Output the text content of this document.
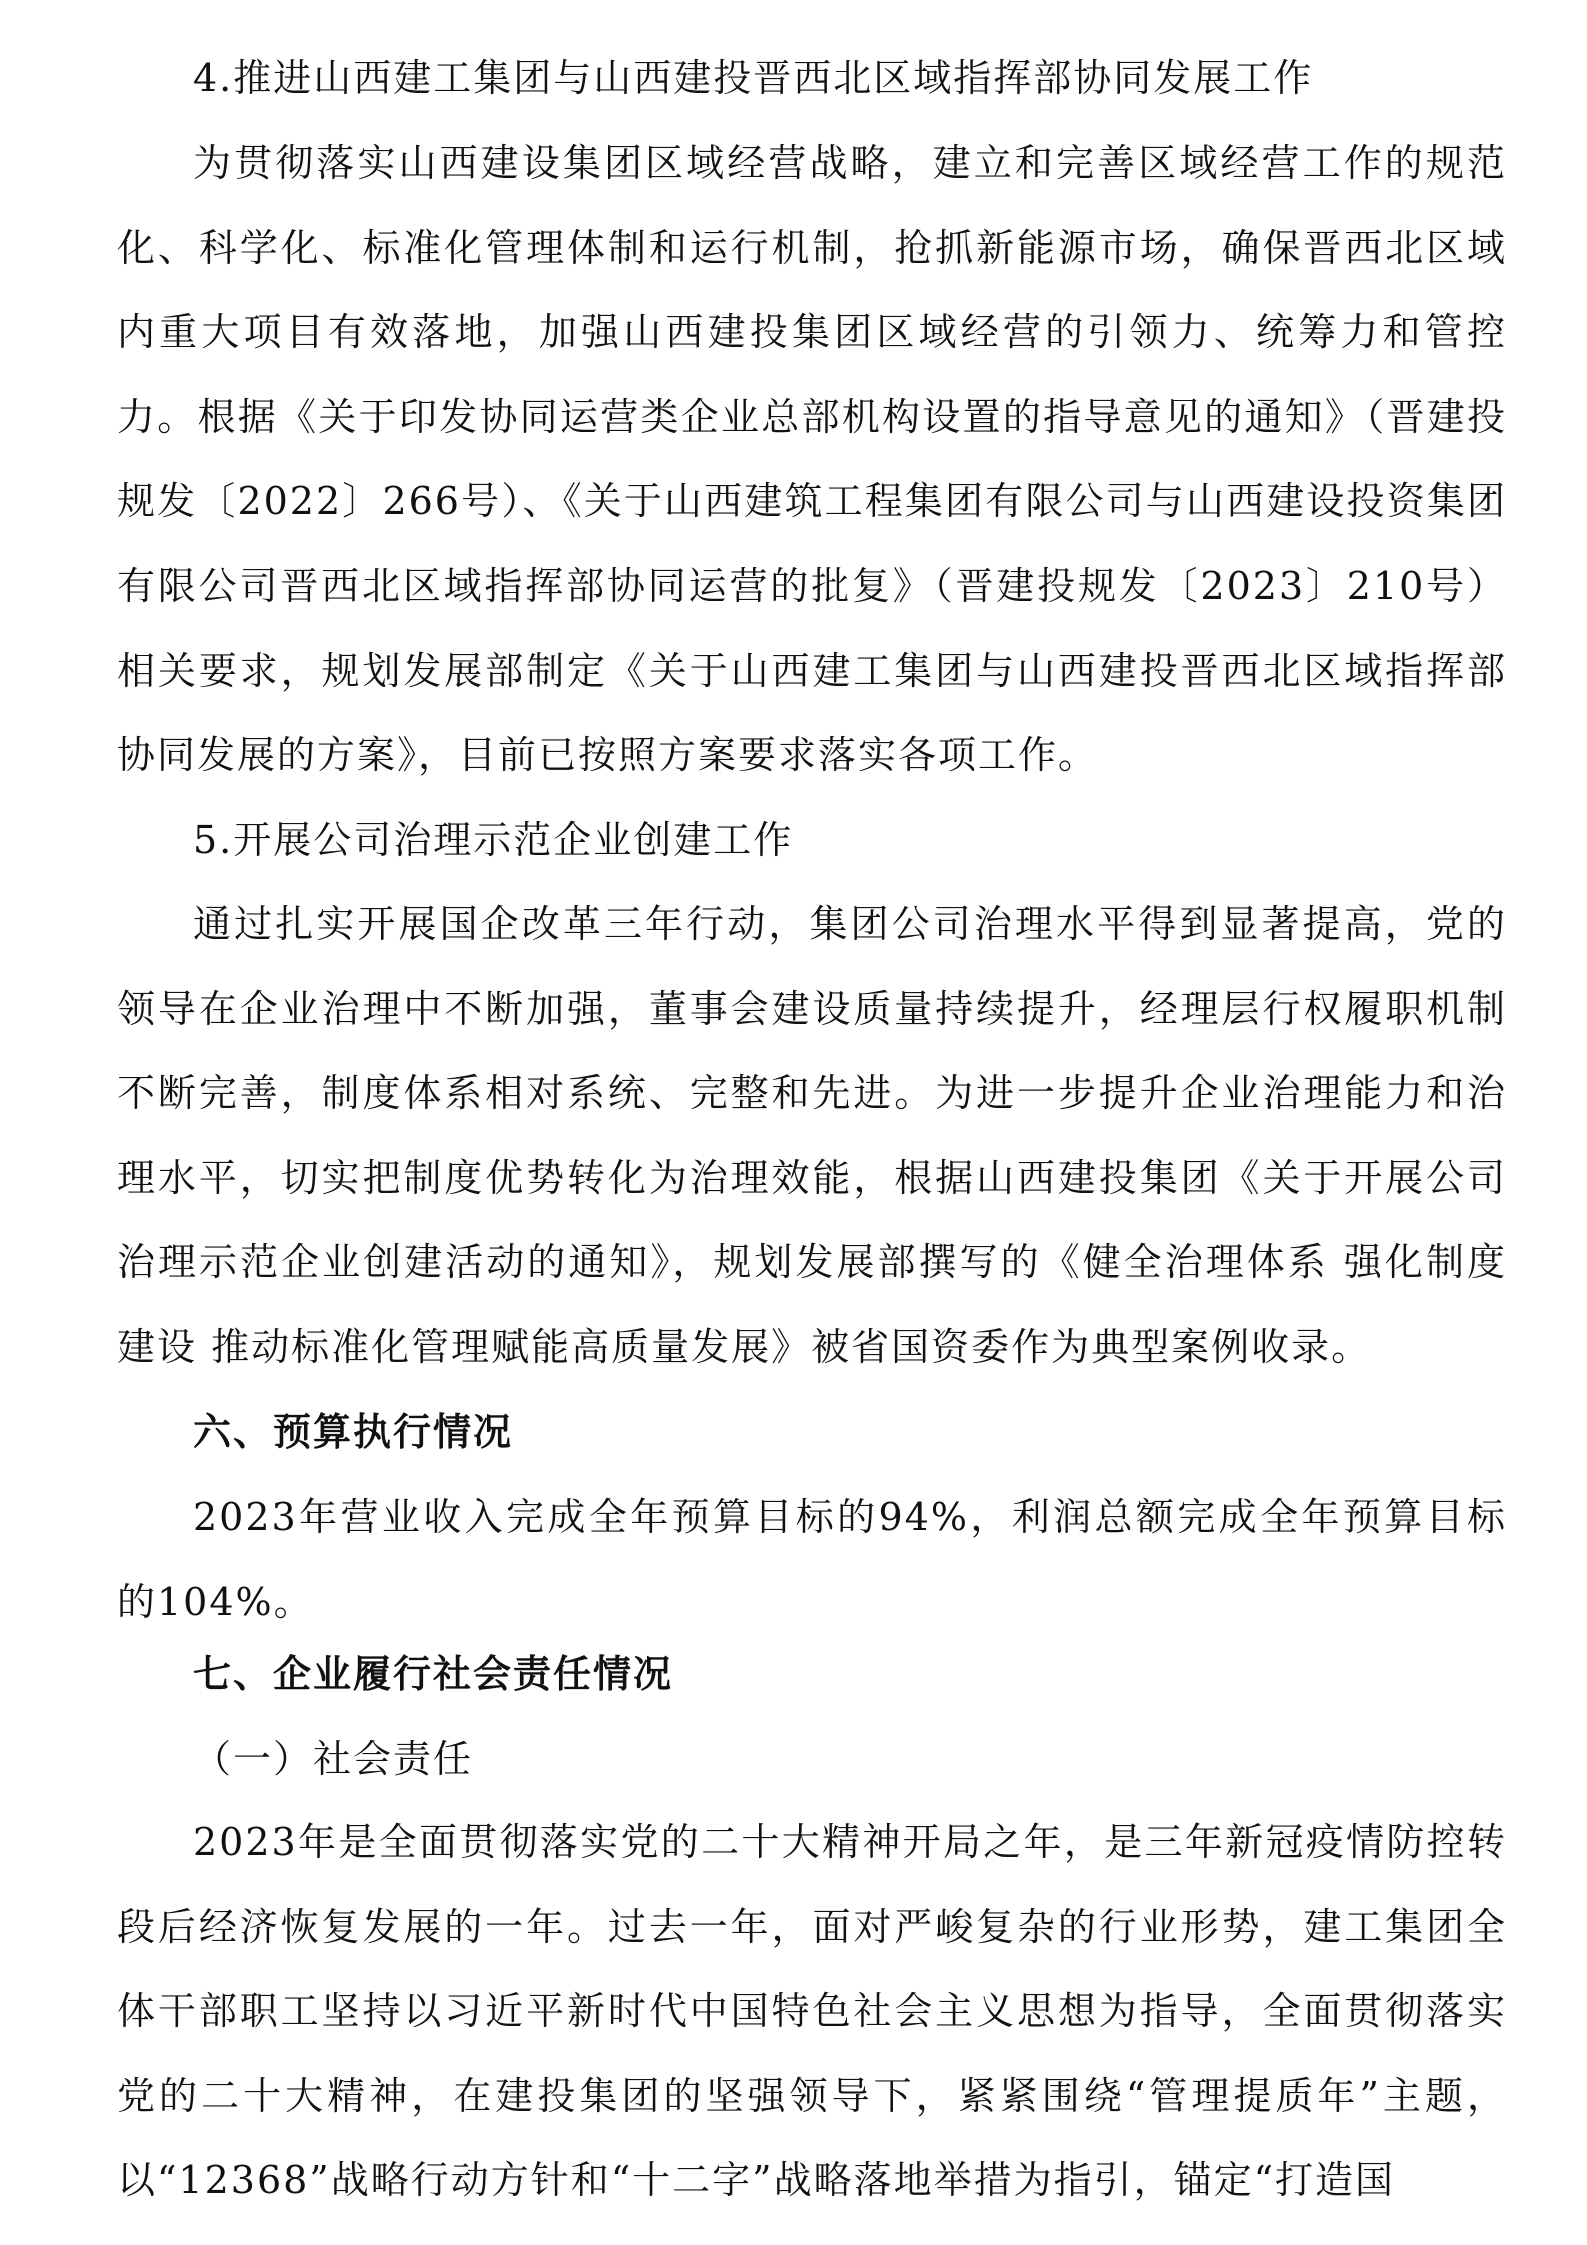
4.推进山西建工集团与山西建投晋西北区域指挥部协同发展工作

为贯彻落实山西建设集团区域经营战略，建立和完善区域经营工作的规范化、科学化、标准化管理体制和运行机制，抢抓新能源市场，确保晋西北区域内重大项目有效落地，加强山西建投集团区域经营的引领力、统筹力和管控力。根据《关于印发协同运营类企业总部机构设置的指导意见的通知》（晋建投规发〔2022〕266号）、《关于山西建筑工程集团有限公司与山西建设投资集团有限公司晋西北区域指挥部协同运营的批复》（晋建投规发〔2023〕210号）相关要求，规划发展部制定《关于山西建工集团与山西建投晋西北区域指挥部协同发展的方案》，目前已按照方案要求落实各项工作。

5.开展公司治理示范企业创建工作

通过扎实开展国企改革三年行动，集团公司治理水平得到显著提高，党的领导在企业治理中不断加强，董事会建设质量持续提升，经理层行权履职机制不断完善，制度体系相对系统、完整和先进。为进一步提升企业治理能力和治理水平，切实把制度优势转化为治理效能，根据山西建投集团《关于开展公司治理示范企业创建活动的通知》，规划发展部撰写的《健全治理体系 强化制度建设 推动标准化管理赋能高质量发展》被省国资委作为典型案例收录。

六、预算执行情况

2023年营业收入完成全年预算目标的94%，利润总额完成全年预算目标的104%。

七、企业履行社会责任情况

（一）社会责任

2023年是全面贯彻落实党的二十大精神开局之年，是三年新冠疫情防控转段后经济恢复发展的一年。过去一年，面对严峻复杂的行业形势，建工集团全体干部职工坚持以习近平新时代中国特色社会主义思想为指导，全面贯彻落实党的二十大精神，在建投集团的坚强领导下，紧紧围绕“管理提质年”主题，以“12368”战略行动方针和“十二字”战略落地举措为指引，锚定“打造国
